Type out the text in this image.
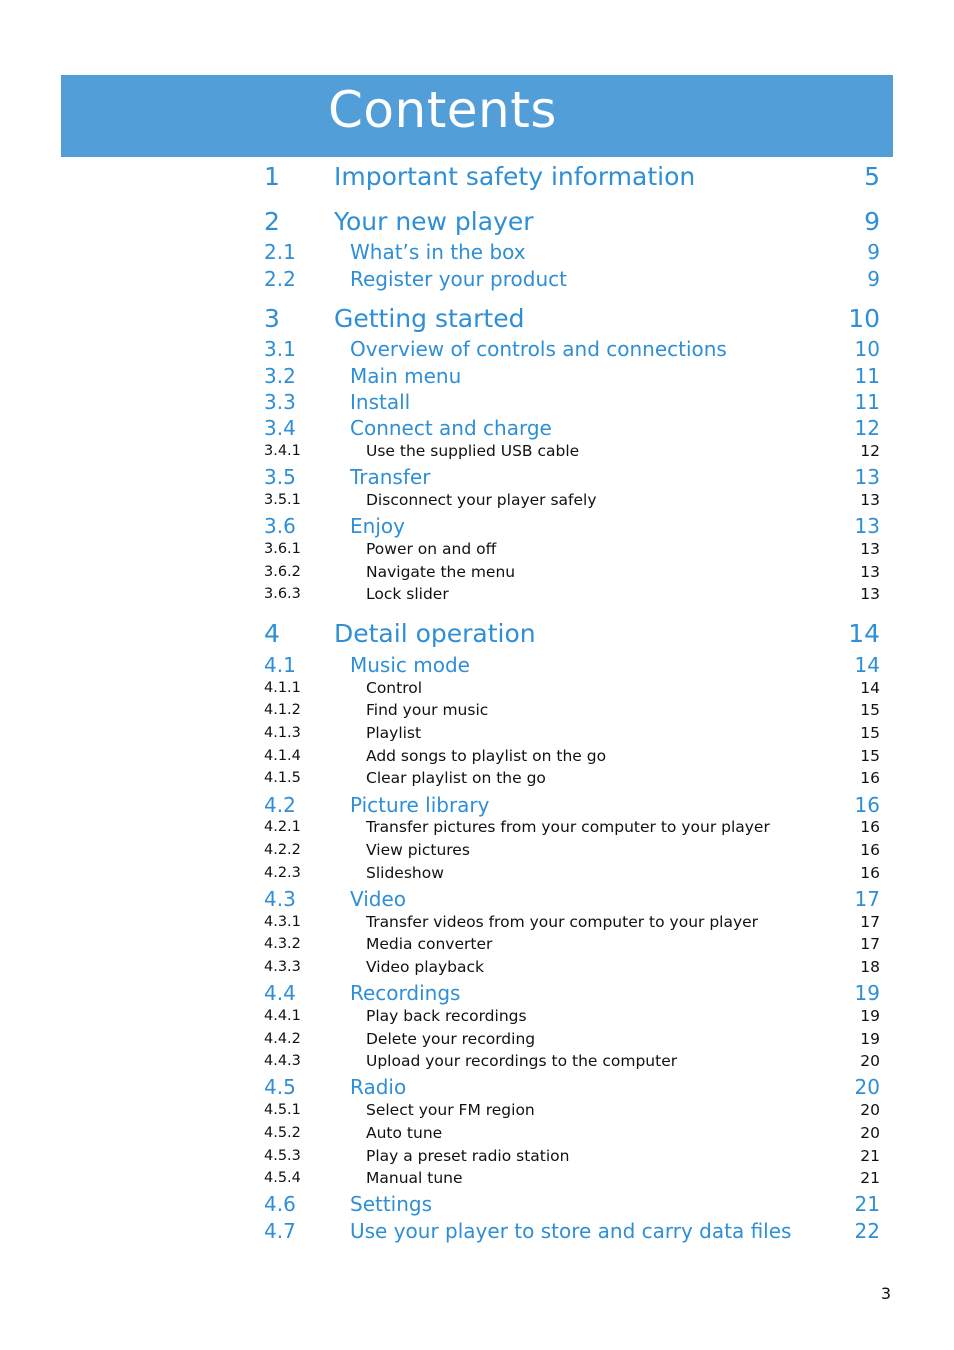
Contents
1 Important safety information	5
2 Your new player	9
2.1	What’s in the box	9
2.2	Register your product	9
3 Getting started	10
3.1	Overview of controls and connections	10
3.2	Main menu	11
3.3	Install	11
3.4	Connect and charge	12
3.4.1	Use the supplied USB cable	12
3.5	Transfer	13
3.5.1	Disconnect your player safely	13
3.6	Enjoy	13
3.6.1	Power on and off	13
3.6.2	Navigate the menu	13
3.6.3	Lock slider	13
4 Detail operation	14
4.1	Music mode	14
4.1.1	Control	14
4.1.2	Find your music	15
4.1.3	Playlist	15
4.1.4	Add songs to playlist on the go	15
4.1.5	Clear playlist on the go	16
4.2	Picture library	16
4.2.1	Transfer pictures from your computer to your player	16
4.2.2	View pictures	16
4.2.3	Slideshow	16
4.3	Video	17
4.3.1	Transfer videos from your computer to your player	17
4.3.2	Media converter	17
4.3.3	Video playback	18
4.4	Recordings	19
4.4.1	Play back recordings	19
4.4.2	Delete your recording	19
4.4.3	Upload your recordings to the computer	20
4.5	Radio	20
4.5.1	Select your FM region	20
4.5.2	Auto tune	20
4.5.3	Play a preset radio station	21
4.5.4	Manual tune	21
4.6	Settings	21
4.7	Use your player to store and carry data files	22
3
